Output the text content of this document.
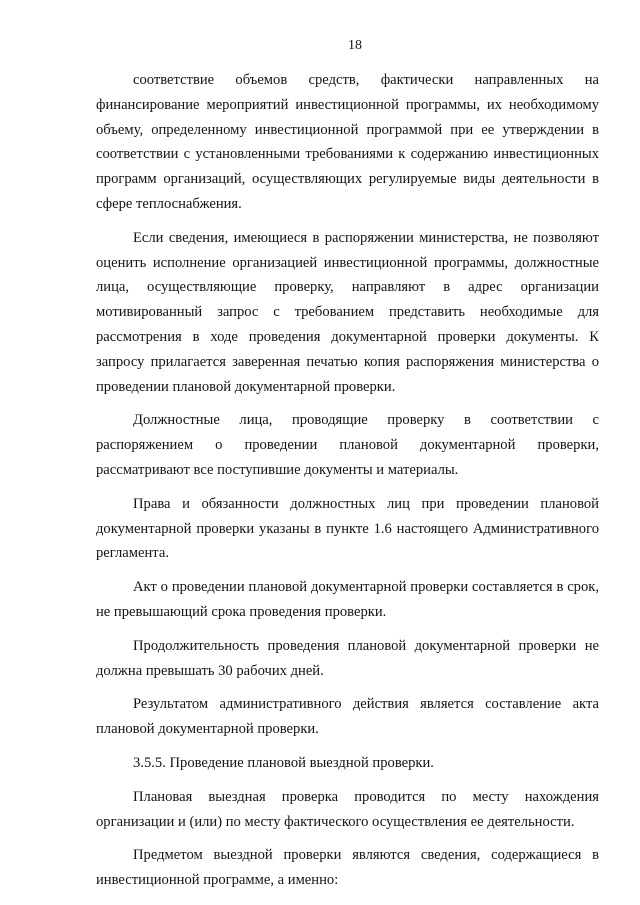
18

соответствие объемов средств, фактически направленных на финансирование мероприятий инвестиционной программы, их необходимому объему, определенному инвестиционной программой при ее утверждении в соответствии с установленными требованиями к содержанию инвестиционных программ организаций, осуществляющих регулируемые виды деятельности в сфере теплоснабжения.

Если сведения, имеющиеся в распоряжении министерства, не позволяют оценить исполнение организацией инвестиционной программы, должностные лица, осуществляющие проверку, направляют в адрес организации мотивированный запрос с требованием представить необходимые для рассмотрения в ходе проведения документарной проверки документы. К запросу прилагается заверенная печатью копия распоряжения министерства о проведении плановой документарной проверки.

Должностные лица, проводящие проверку в соответствии с распоряжением о проведении плановой документарной проверки, рассматривают все поступившие документы и материалы.

Права и обязанности должностных лиц при проведении плановой документарной проверки указаны в пункте 1.6 настоящего Административного регламента.

Акт о проведении плановой документарной проверки составляется в срок, не превышающий срока проведения проверки.

Продолжительность проведения плановой документарной проверки не должна превышать 30 рабочих дней.

Результатом административного действия является составление акта плановой документарной проверки.

3.5.5. Проведение плановой выездной проверки.

Плановая выездная проверка проводится по месту нахождения организации и (или) по месту фактического осуществления ее деятельности.

Предметом выездной проверки являются сведения, содержащиеся в инвестиционной программе, а именно:
